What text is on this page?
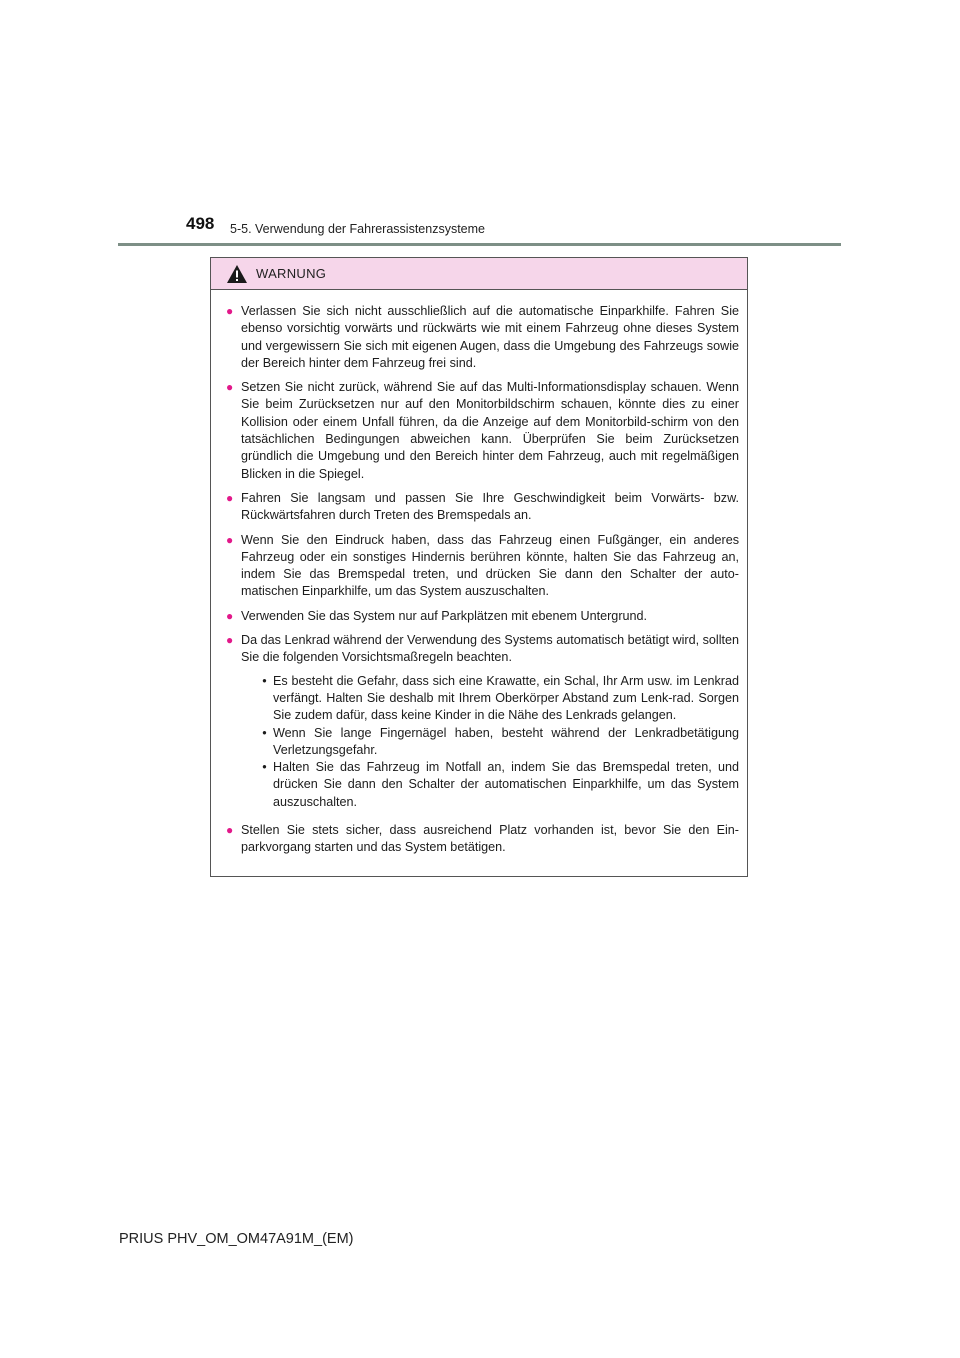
498 5-5. Verwendung der Fahrerassistenzsysteme
WARNUNG
● Verlassen Sie sich nicht ausschließlich auf die automatische Einparkhilfe. Fahren Sie ebenso vorsichtig vorwärts und rückwärts wie mit einem Fahrzeug ohne dieses System und vergewissern Sie sich mit eigenen Augen, dass die Umgebung des Fahrzeugs sowie der Bereich hinter dem Fahrzeug frei sind.
● Setzen Sie nicht zurück, während Sie auf das Multi-Informationsdisplay schauen. Wenn Sie beim Zurücksetzen nur auf den Monitorbildschirm schauen, könnte dies zu einer Kollision oder einem Unfall führen, da die Anzeige auf dem Monitorbild-schirm von den tatsächlichen Bedingungen abweichen kann. Überprüfen Sie beim Zurücksetzen gründlich die Umgebung und den Bereich hinter dem Fahrzeug, auch mit regelmäßigen Blicken in die Spiegel.
● Fahren Sie langsam und passen Sie Ihre Geschwindigkeit beim Vorwärts- bzw. Rückwärtsfahren durch Treten des Bremspedals an.
● Wenn Sie den Eindruck haben, dass das Fahrzeug einen Fußgänger, ein anderes Fahrzeug oder ein sonstiges Hindernis berühren könnte, halten Sie das Fahrzeug an, indem Sie das Bremspedal treten, und drücken Sie dann den Schalter der auto-matischen Einparkhilfe, um das System auszuschalten.
● Verwenden Sie das System nur auf Parkplätzen mit ebenem Untergrund.
● Da das Lenkrad während der Verwendung des Systems automatisch betätigt wird, sollten Sie die folgenden Vorsichtsmaßregeln beachten.
• Es besteht die Gefahr, dass sich eine Krawatte, ein Schal, Ihr Arm usw. im Lenkrad verfängt. Halten Sie deshalb mit Ihrem Oberkörper Abstand zum Lenk-rad. Sorgen Sie zudem dafür, dass keine Kinder in die Nähe des Lenkrads gelangen.
• Wenn Sie lange Fingernägel haben, besteht während der Lenkradbetätigung Verletzungsgefahr.
• Halten Sie das Fahrzeug im Notfall an, indem Sie das Bremspedal treten, und drücken Sie dann den Schalter der automatischen Einparkhilfe, um das System auszuschalten.
● Stellen Sie stets sicher, dass ausreichend Platz vorhanden ist, bevor Sie den Ein-parkvorgang starten und das System betätigen.
PRIUS PHV_OM_OM47A91M_(EM)
